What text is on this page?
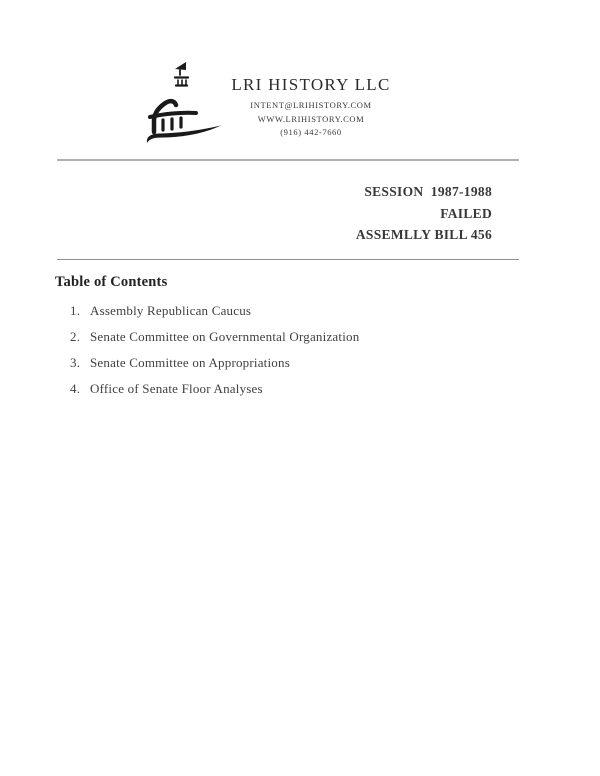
LRI HISTORY LLC
INTENT@LRIHISTORY.COM
WWW.LRIHISTORY.COM
(916) 442-7660
SESSION  1987-1988
FAILED
ASSEMLLY BILL 456
Table of Contents
1. Assembly Republican Caucus
2. Senate Committee on Governmental Organization
3. Senate Committee on Appropriations
4. Office of Senate Floor Analyses
